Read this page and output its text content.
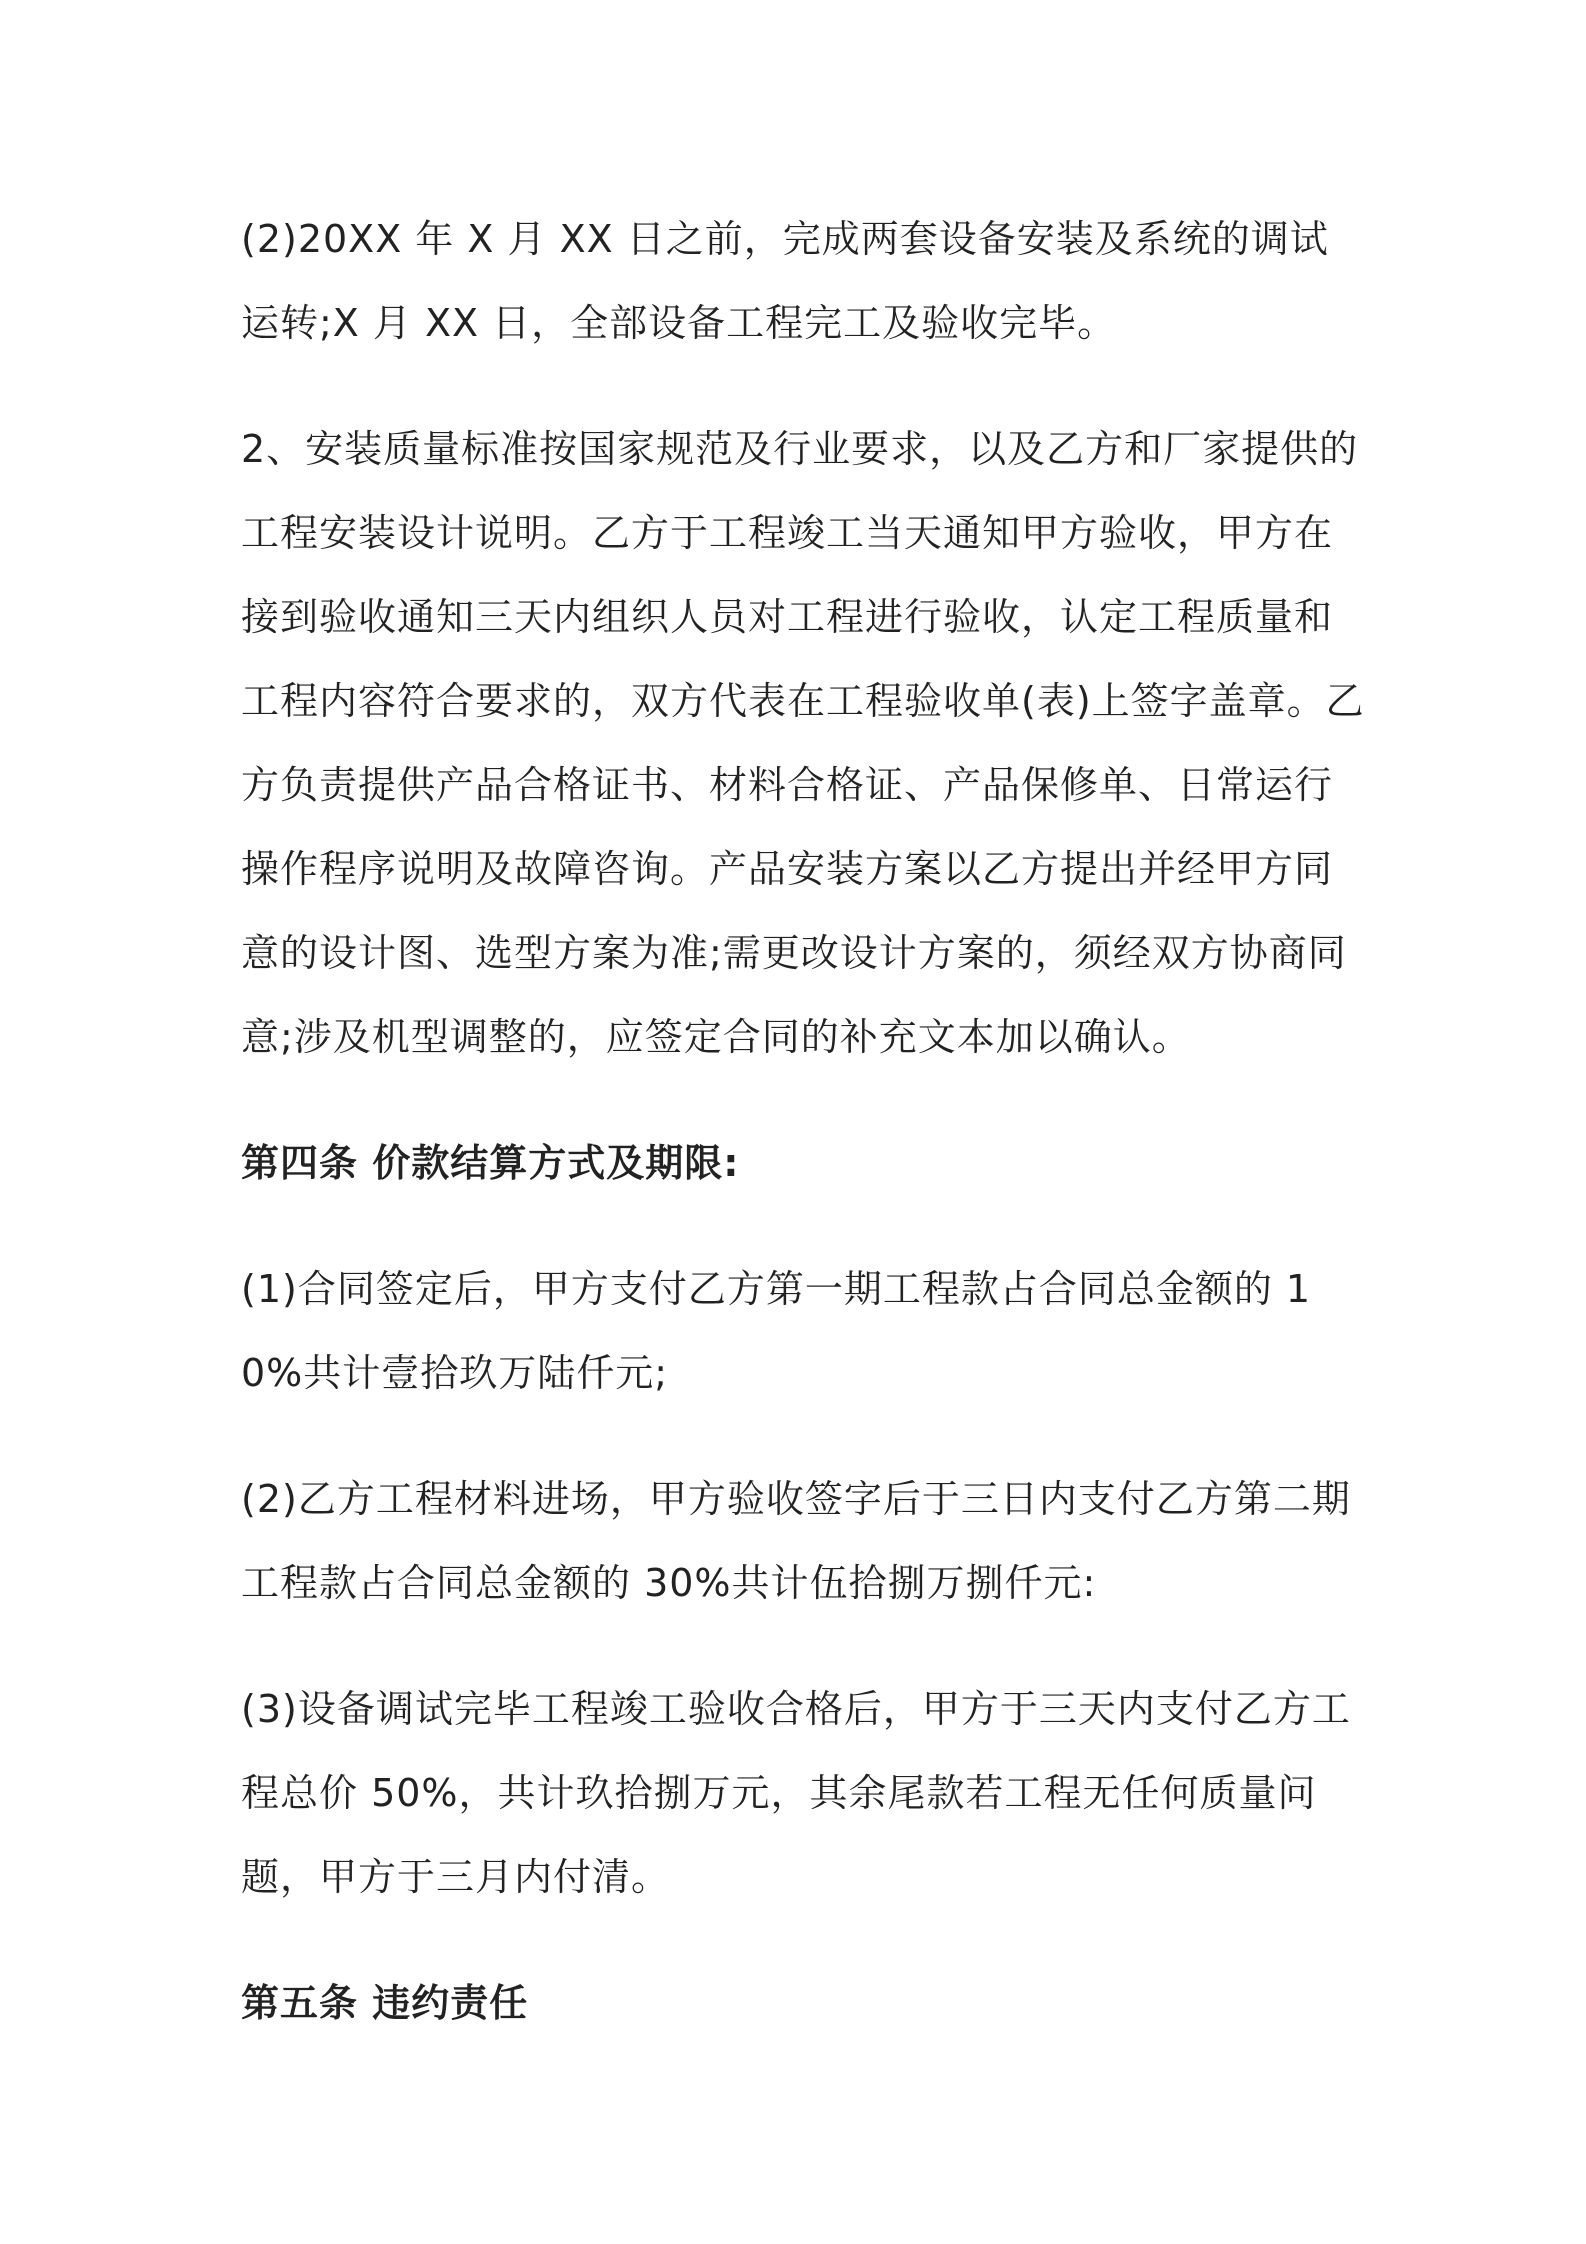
(2)20XX 年 X 月 XX 日之前，完成两套设备安装及系统的调试运转;X 月 XX 日，全部设备工程完工及验收完毕。

2、安装质量标准按国家规范及行业要求，以及乙方和厂家提供的工程安装设计说明。乙方于工程竣工当天通知甲方验收，甲方在接到验收通知三天内组织人员对工程进行验收，认定工程质量和工程内容符合要求的，双方代表在工程验收单(表)上签字盖章。乙方负责提供产品合格证书、材料合格证、产品保修单、日常运行操作程序说明及故障咨询。产品安装方案以乙方提出并经甲方同意的设计图、选型方案为准;需更改设计方案的，须经双方协商同意;涉及机型调整的，应签定合同的补充文本加以确认。

第四条 价款结算方式及期限:

(1)合同签定后，甲方支付乙方第一期工程款占合同总金额的 10%共计壹拾玖万陆仟元;

(2)乙方工程材料进场，甲方验收签字后于三日内支付乙方第二期工程款占合同总金额的 30%共计伍拾捌万捌仟元:

(3)设备调试完毕工程竣工验收合格后，甲方于三天内支付乙方工程总价 50%，共计玖拾捌万元，其余尾款若工程无任何质量问题，甲方于三月内付清。

第五条 违约责任
